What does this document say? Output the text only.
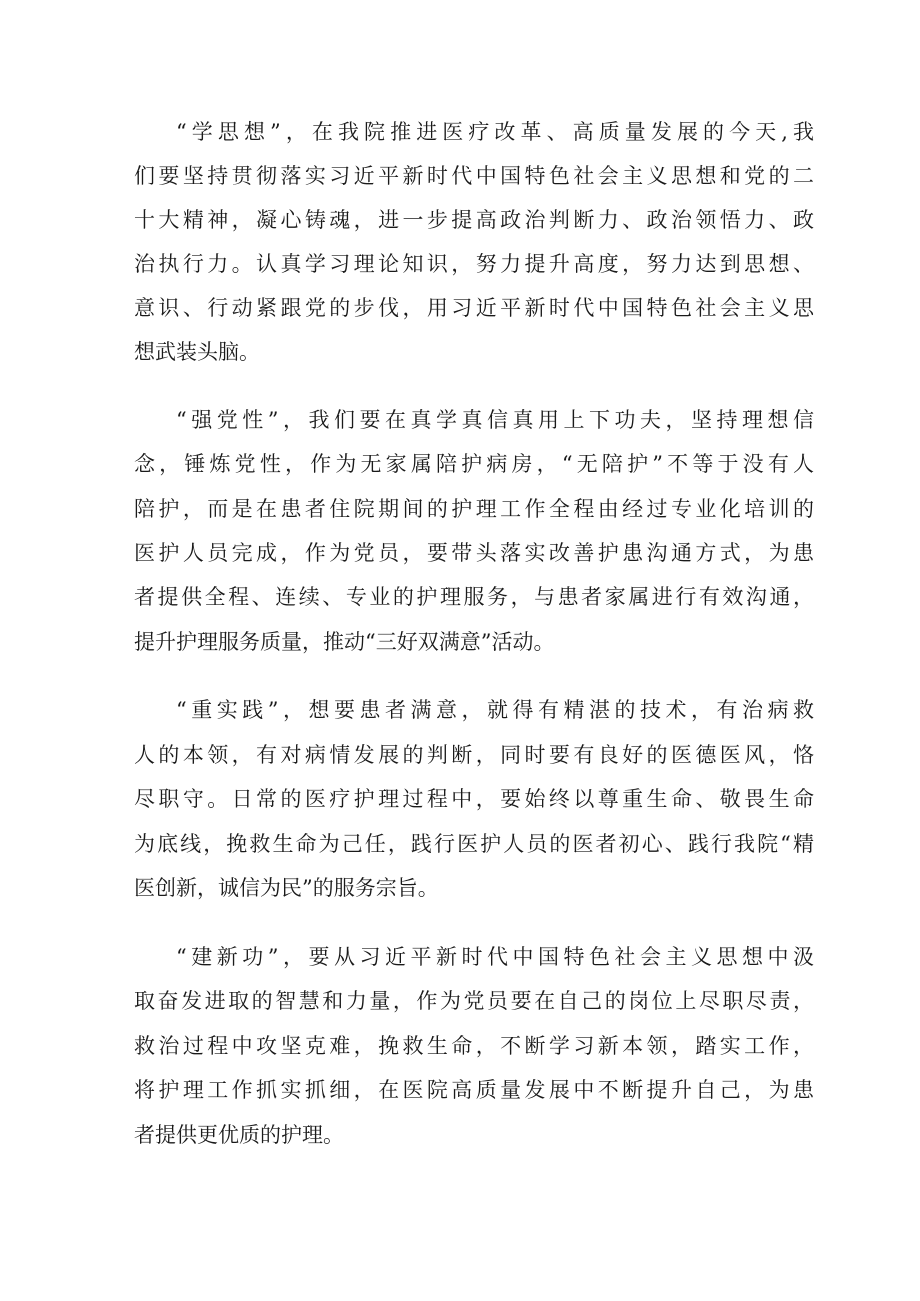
“学思想”，在我院推进医疗改革、高质量发展的今天,我
们要坚持贯彻落实习近平新时代中国特色社会主义思想和党的二
十大精神，凝心铸魂，进一步提高政治判断力、政治领悟力、政
治执行力。认真学习理论知识，努力提升高度，努力达到思想、
意识、行动紧跟党的步伐，用习近平新时代中国特色社会主义思
想武装头脑。
“强党性”，我们要在真学真信真用上下功夫，坚持理想信
念，锤炼党性，作为无家属陪护病房，“无陪护”不等于没有人
陪护，而是在患者住院期间的护理工作全程由经过专业化培训的
医护人员完成，作为党员，要带头落实改善护患沟通方式，为患
者提供全程、连续、专业的护理服务，与患者家属进行有效沟通，
提升护理服务质量，推动“三好双满意”活动。
“重实践”，想要患者满意，就得有精湛的技术，有治病救
人的本领，有对病情发展的判断，同时要有良好的医德医风，恪
尽职守。日常的医疗护理过程中，要始终以尊重生命、敬畏生命
为底线，挽救生命为己任，践行医护人员的医者初心、践行我院“精
医创新，诚信为民”的服务宗旨。
“建新功”，要从习近平新时代中国特色社会主义思想中汲
取奋发进取的智慧和力量，作为党员要在自己的岗位上尽职尽责，
救治过程中攻坚克难，挽救生命，不断学习新本领，踏实工作，
将护理工作抓实抓细，在医院高质量发展中不断提升自己，为患
者提供更优质的护理。
